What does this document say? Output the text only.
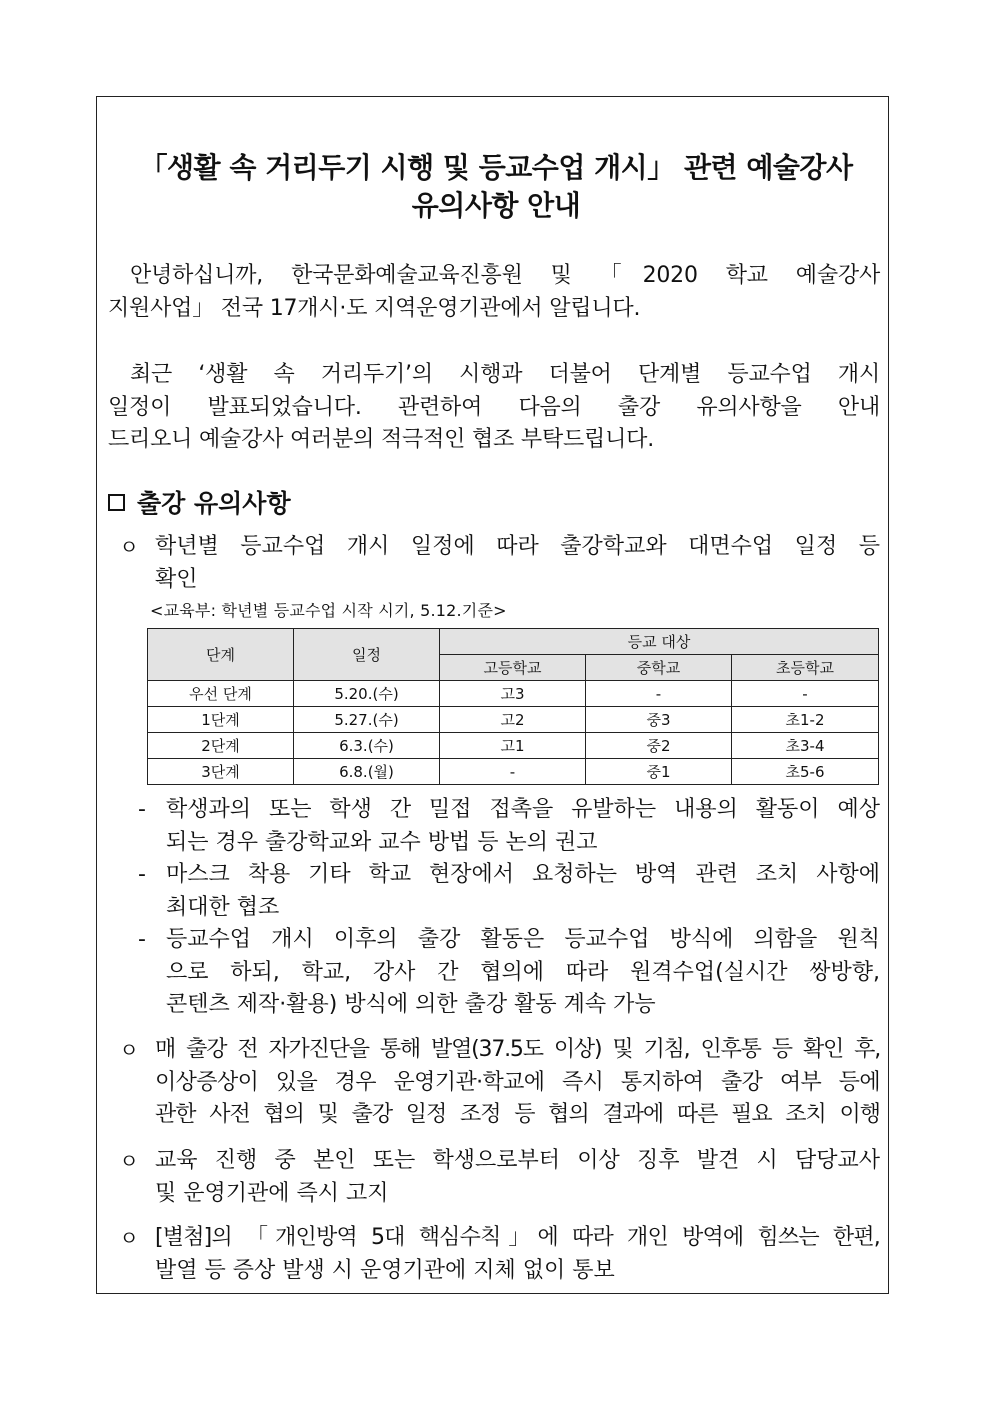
「생활 속 거리두기 시행 및 등교수업 개시」 관련 예술강사
유의사항 안내
안녕하십니까, 한국문화예술교육진흥원 및 「2020 학교 예술강사
지원사업」 전국 17개시·도 지역운영기관에서 알립니다.
최근 ‘생활 속 거리두기’의 시행과 더불어 단계별 등교수업 개시
일정이 발표되었습니다. 관련하여 다음의 출강 유의사항을 안내
드리오니 예술강사 여러분의 적극적인 협조 부탁드립니다.
출강 유의사항
ㅇ 학년별 등교수업 개시 일정에 따라 출강학교와 대면수업 일정 등
확인
<교육부: 학년별 등교수업 시작 시기, 5.12.기준>
단계	일정	등교 대상		
		고등학교	중학교	초등학교
우선 단계	5.20.(수)	고3	-	-
1단계	5.27.(수)	고2	중3	초1-2
2단계	6.3.(수)	고1	중2	초3-4
3단계	6.8.(월)	-	중1	초5-6
- 학생과의 또는 학생 간 밀접 접촉을 유발하는 내용의 활동이 예상
되는 경우 출강학교와 교수 방법 등 논의 권고
- 마스크 착용 기타 학교 현장에서 요청하는 방역 관련 조치 사항에
최대한 협조
- 등교수업 개시 이후의 출강 활동은 등교수업 방식에 의함을 원칙
으로 하되, 학교, 강사 간 협의에 따라 원격수업(실시간 쌍방향,
콘텐츠 제작·활용) 방식에 의한 출강 활동 계속 가능
ㅇ 매 출강 전 자가진단을 통해 발열(37.5도 이상) 및 기침, 인후통 등 확인 후,
이상증상이 있을 경우 운영기관·학교에 즉시 통지하여 출강 여부 등에
관한 사전 협의 및 출강 일정 조정 등 협의 결과에 따른 필요 조치 이행
ㅇ 교육 진행 중 본인 또는 학생으로부터 이상 징후 발견 시 담당교사
및 운영기관에 즉시 고지
ㅇ [별첨]의 「개인방역 5대 핵심수칙」에 따라 개인 방역에 힘쓰는 한편,
발열 등 증상 발생 시 운영기관에 지체 없이 통보
